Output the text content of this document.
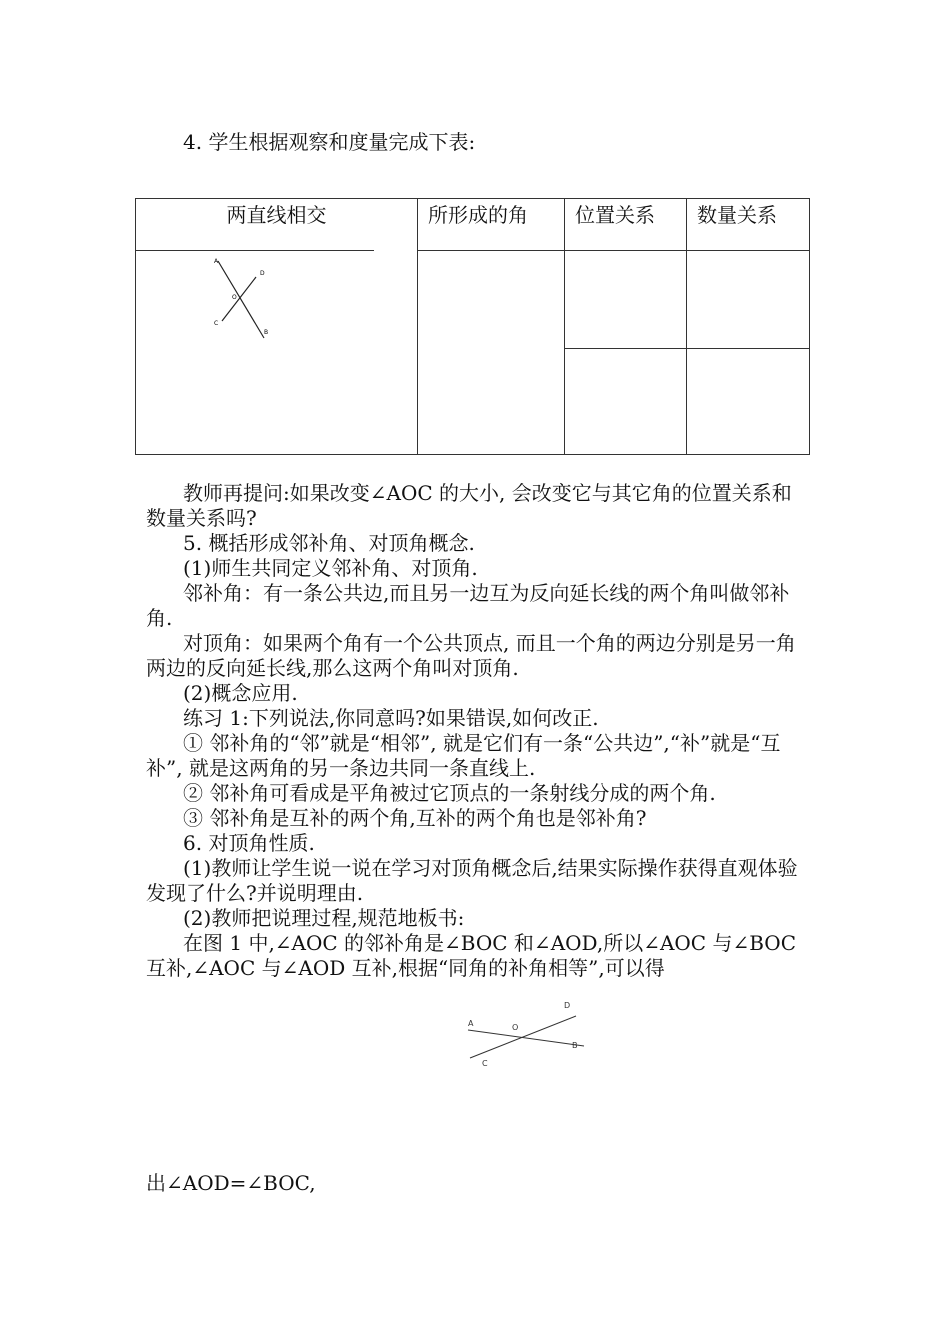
4. 学生根据观察和度量完成下表:
两直线相交	所形成的角	位置关系	数量关系

A
D
O
C
B			

教师再提问:如果改变∠AOC 的大小, 会改变它与其它角的位置关系和数量关系吗?
5. 概括形成邻补角、对顶角概念.
(1)师生共同定义邻补角、对顶角.
邻补角：有一条公共边,而且另一边互为反向延长线的两个角叫做邻补角.
对顶角：如果两个角有一个公共顶点, 而且一个角的两边分别是另一角两边的反向延长线,那么这两个角叫对顶角.
(2)概念应用.
练习 1:下列说法,你同意吗?如果错误,如何改正.
① 邻补角的“邻”就是“相邻”, 就是它们有一条“公共边”,“补”就是“互补”, 就是这两角的另一条边共同一条直线上.
② 邻补角可看成是平角被过它顶点的一条射线分成的两个角.
③ 邻补角是互补的两个角,互补的两个角也是邻补角?
6. 对顶角性质.
(1)教师让学生说一说在学习对顶角概念后,结果实际操作获得直观体验发现了什么?并说明理由.
(2)教师把说理过程,规范地板书:
在图 1 中,∠AOC 的邻补角是∠BOC 和∠AOD,所以∠AOC 与∠BOC 互补,∠AOC 与∠AOD 互补,根据“同角的补角相等”,可以得
A	O
D
B
C
出∠AOD=∠BOC,
